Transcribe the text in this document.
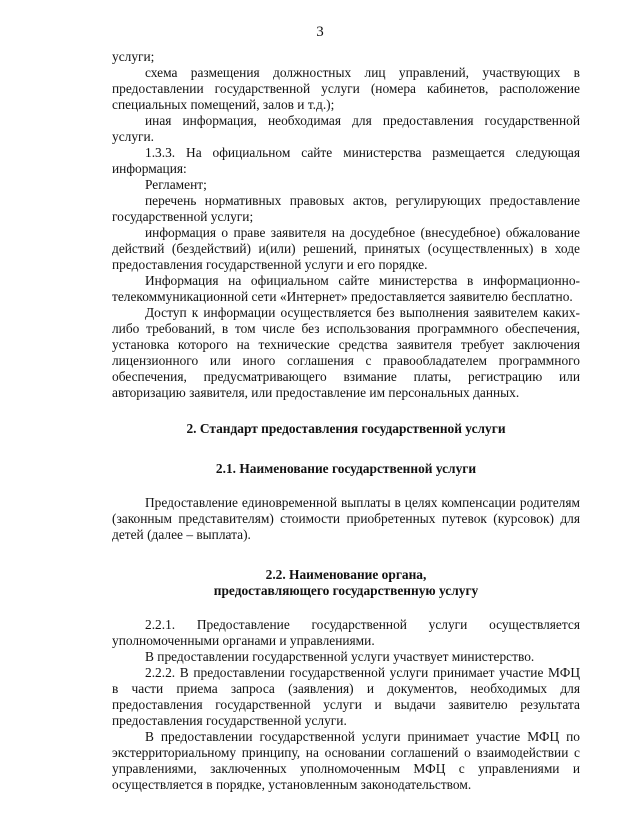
3

услуги;

схема размещения должностных лиц управлений, участвующих в предоставлении государственной услуги (номера кабинетов, расположение специальных помещений, залов и т.д.);

иная информация, необходимая для предоставления государственной услуги.

1.3.3. На официальном сайте министерства размещается следующая информация:

Регламент;

перечень нормативных правовых актов, регулирующих предоставление государственной услуги;

информация о праве заявителя на досудебное (внесудебное) обжалование действий (бездействий) и(или) решений, принятых (осуществленных) в ходе предоставления государственной услуги и его порядке.

Информация на официальном сайте министерства в информационно-телекоммуникационной сети «Интернет» предоставляется заявителю бесплатно.

Доступ к информации осуществляется без выполнения заявителем каких-либо требований, в том числе без использования программного обеспечения, установка которого на технические средства заявителя требует заключения лицензионного или иного соглашения с правообладателем программного обеспечения, предусматривающего взимание платы, регистрацию или авторизацию заявителя, или предоставление им персональных данных.

2. Стандарт предоставления государственной услуги

2.1. Наименование государственной услуги

Предоставление единовременной выплаты в целях компенсации родителям (законным представителям) стоимости приобретенных путевок (курсовок) для детей (далее – выплата).

2.2. Наименование органа,

предоставляющего государственную услугу

2.2.1. Предоставление государственной услуги осуществляется уполномоченными органами и управлениями.

В предоставлении государственной услуги участвует министерство.

2.2.2. В предоставлении государственной услуги принимает участие МФЦ в части приема запроса (заявления) и документов, необходимых для предоставления государственной услуги и выдачи заявителю результата предоставления государственной услуги.

В предоставлении государственной услуги принимает участие МФЦ по экстерриториальному принципу, на основании соглашений о взаимодействии с управлениями, заключенных уполномоченным МФЦ с управлениями и осуществляется в порядке, установленным законодательством.
